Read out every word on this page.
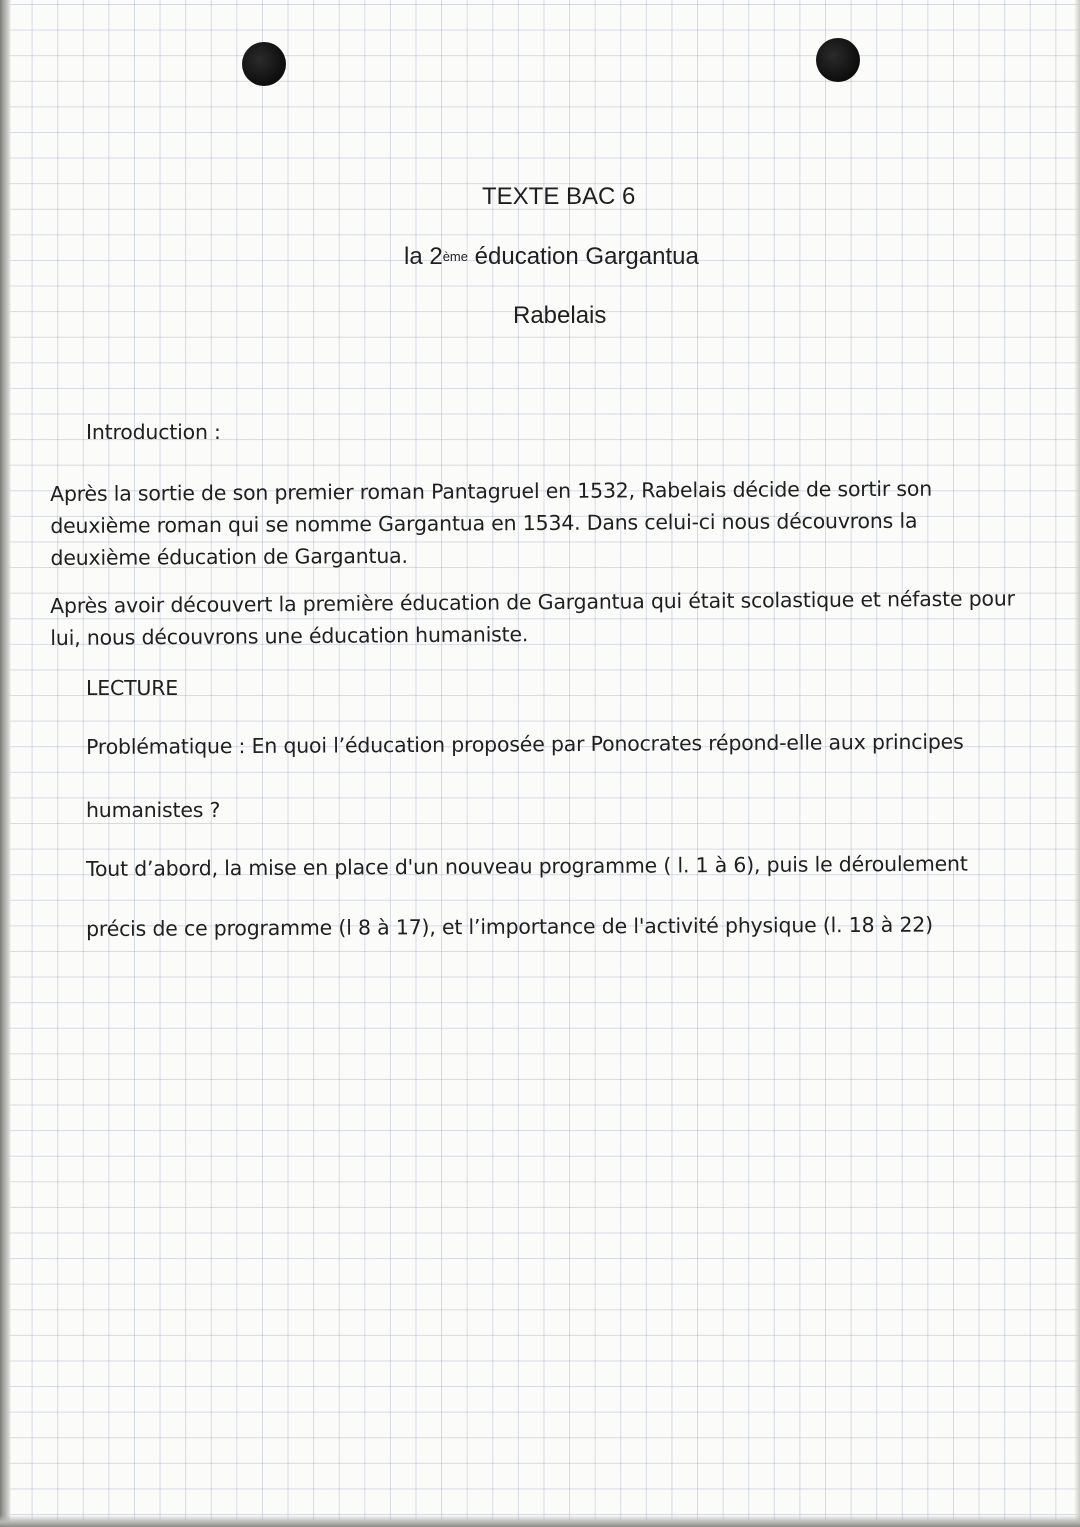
TEXTE BAC 6

la 2ème éducation Gargantua

Rabelais

Introduction :

Après la sortie de son premier roman Pantagruel en 1532, Rabelais décide de sortir son
deuxième roman qui se nomme Gargantua en 1534. Dans celui-ci nous découvrons la
deuxième éducation de Gargantua.
Après avoir découvert la première éducation de Gargantua qui était scolastique et néfaste pour
lui, nous découvrons une éducation humaniste.

LECTURE

Problématique : En quoi l’éducation proposée par Ponocrates répond-elle aux principes

humanistes ?

Tout d’abord, la mise en place d'un nouveau programme ( l. 1 à 6), puis le déroulement

précis de ce programme (l 8 à 17), et l’importance de l'activité physique (l. 18 à 22)
